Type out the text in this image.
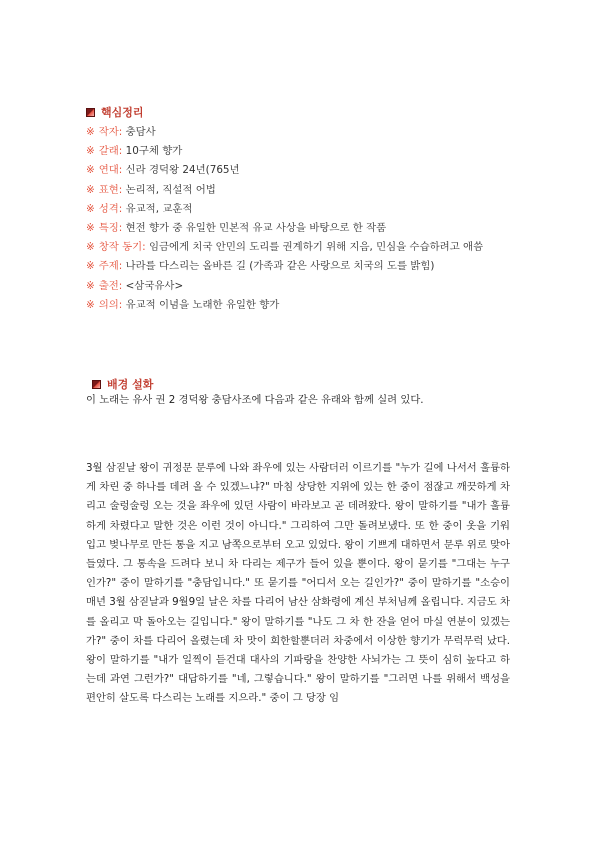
핵심정리
※ 작자: 충담사
※ 갈래: 10구체 향가
※ 연대: 신라 경덕왕 24년(765년
※ 표현: 논리적, 직설적 어법
※ 성격: 유교적, 교훈적
※ 특징: 현전 향가 중 유일한 민본적 유교 사상을 바탕으로 한 작품
※ 창작 동기: 임금에게 치국 안민의 도리를 권계하기 위해 지음, 민심을 수습하려고 애씀
※ 주제: 나라를 다스리는 올바른 길 (가족과 같은 사랑으로 치국의 도를 밝힘)
※ 출전: <삼국유사>
※ 의의: 유교적 이념을 노래한 유일한 향가
배경 설화

이 노래는 유사 권 2 경덕왕 충담사조에 다음과 같은 유래와 함께 실려 있다.

3월 삼짇날 왕이 귀정문 문루에 나와 좌우에 있는 사람더러 이르기를 "누가 길에 나서서 훌륭하게 차린 중 하나를 데려 올 수 있겠느냐?" 마침 상당한 지위에 있는 한 중이 점잖고 깨끗하게 차리고 술렁술렁 오는 것을 좌우에 있던 사람이 바라보고 곧 데려왔다. 왕이 말하기를 "내가 훌륭하게 차렸다고 말한 것은 이런 것이 아니다." 그리하여 그만 돌려보냈다. 또 한 중이 옷을 기워 입고 벚나무로 만든 통을 지고 남쪽으로부터 오고 있었다. 왕이 기쁘게 대하면서 문루 위로 맞아 들였다. 그 통속을 드려다 보니 차 다리는 제구가 들어 있을 뿐이다. 왕이 묻기를 "그대는 누구인가?" 중이 말하기를 "충담입니다." 또 묻기를 "어디서 오는 길인가?" 중이 말하기를 "소승이 매년 3월 삼짇날과 9월9일 날은 차를 다리어 남산 삼화령에 계신 부처님께 올립니다. 지금도 차를 올리고 막 돌아오는 길입니다." 왕이 말하기를 "나도 그 차 한 잔을 얻어 마실 연분이 있겠는가?" 중이 차를 다리어 올렸는데 차 맛이 희한할뿐더러 차중에서 이상한 향기가 무럭무럭 났다. 왕이 말하기를 "내가 일찍이 듣건대 대사의 기파랑을 찬양한 사뇌가는 그 뜻이 심히 높다고 하는데 과연 그런가?" 대답하기를 "네, 그렇습니다." 왕이 말하기를 "그러면 나를 위해서 백성을 편안히 살도록 다스리는 노래를 지으라." 중이 그 당장 임
